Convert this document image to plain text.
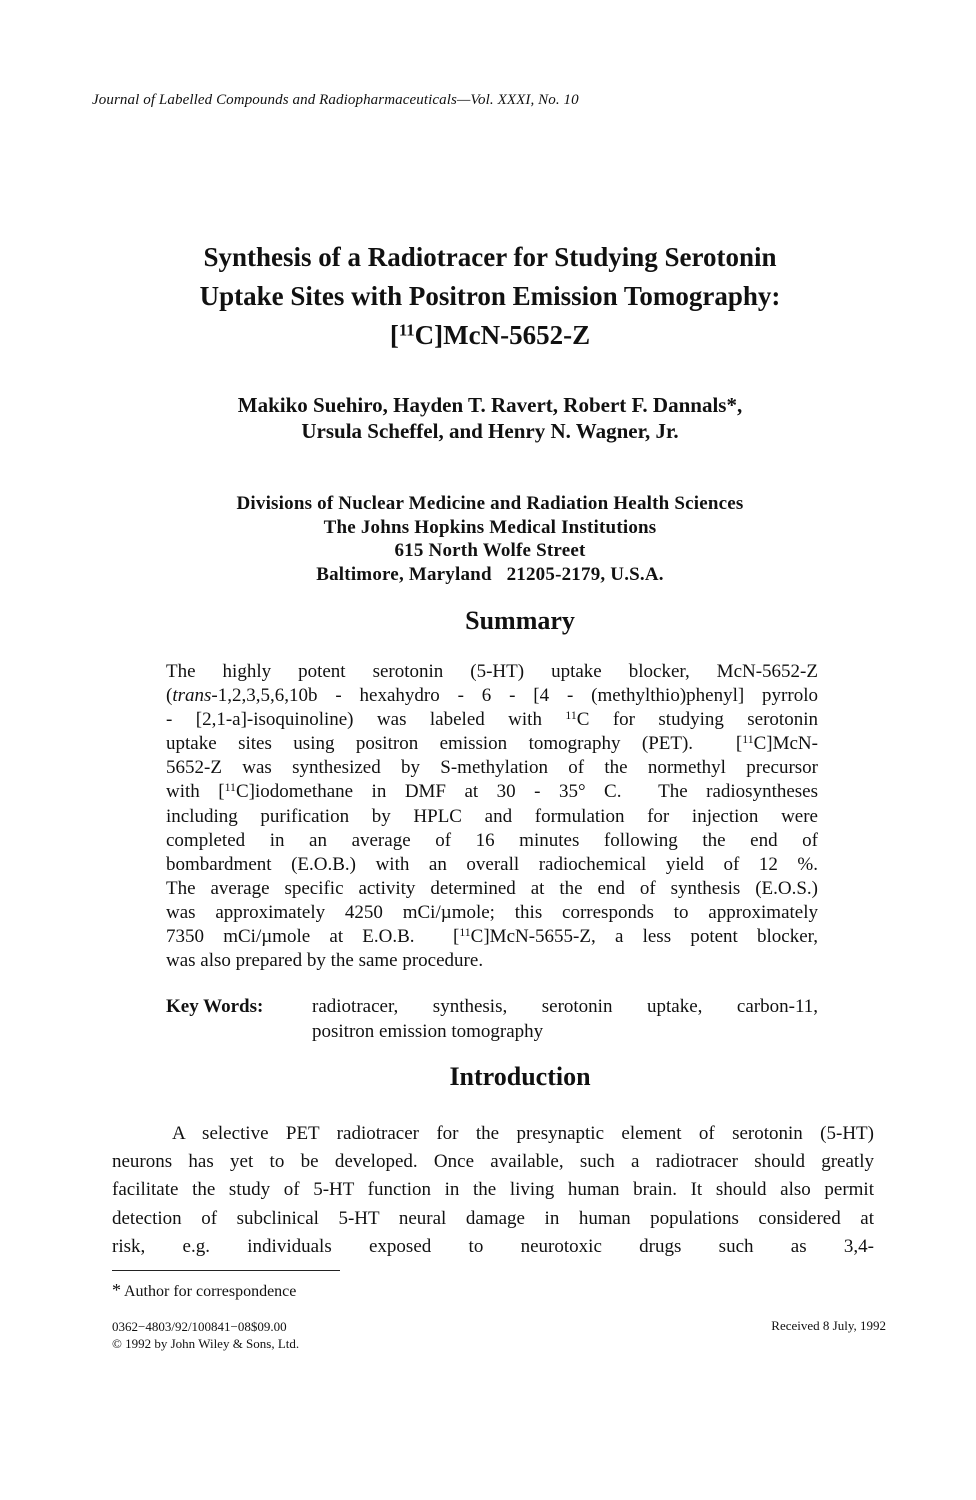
Journal of Labelled Compounds and Radiopharmaceuticals—Vol. XXXI, No. 10
Synthesis of a Radiotracer for Studying Serotonin
Uptake Sites with Positron Emission Tomography:
[$^{11}$C]McN-5652-Z
Makiko Suehiro, Hayden T. Ravert, Robert F. Dannals*,
Ursula Scheffel, and Henry N. Wagner, Jr.
Divisions of Nuclear Medicine and Radiation Health Sciences
The Johns Hopkins Medical Institutions
615 North Wolfe Street
Baltimore, Maryland   21205-2179, U.S.A.
Summary
The highly potent serotonin (5-HT) uptake blocker, McN-5652-Z
(trans-1,2,3,5,6,10b - hexahydro - 6 - [4 - (methylthio)phenyl] pyrrolo
- [2,1-a]-isoquinoline) was labeled with $^{11}$C for studying serotonin
uptake sites using positron emission tomography (PET).  [$^{11}$C]McN-
5652-Z was synthesized by S-methylation of the normethyl precursor
with [$^{11}$C]iodomethane in DMF at 30 - 35° C.  The radiosyntheses
including purification by HPLC and formulation for injection were
completed in an average of 16 minutes following the end of
bombardment (E.O.B.) with an overall radiochemical yield of 12 %.
The average specific activity determined at the end of synthesis (E.O.S.)
was approximately 4250 mCi/µmole; this corresponds to approximately
7350 mCi/µmole at E.O.B.  [$^{11}$C]McN-5655-Z, a less potent blocker,
was also prepared by the same procedure.
Key Words:	radiotracer, synthesis, serotonin uptake, carbon-11,
positron emission tomography
Introduction
A selective PET radiotracer for the presynaptic element of serotonin (5-HT)
neurons has yet to be developed. Once available, such a radiotracer should greatly
facilitate the study of 5-HT function in the living human brain. It should also permit
detection of subclinical 5-HT neural damage in human populations considered at
risk, e.g. individuals exposed to neurotoxic drugs such as 3,4-
* Author for correspondence
0362−4803/92/100841−08$09.00
© 1992 by John Wiley & Sons, Ltd.
Received 8 July, 1992
